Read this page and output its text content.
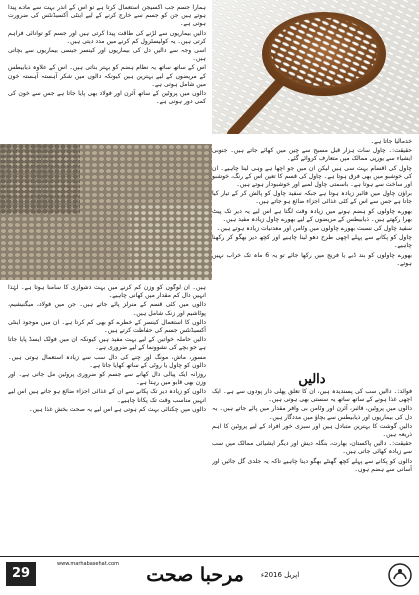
ہمارا جسم جب آکسیجن استعمال کرتا ہے تو اس کے اندر بہت سے مادے پیدا ہوتے ہیں جن کو جسم سے خارج کرنے کے لیے اینٹی آکسیڈنٹس کی ضرورت ہوتی ہے۔

دالیں بیماریوں سے لڑنے کی طاقت پیدا کرتی ہیں اور جسم کو توانائی فراہم کرتی ہیں۔ یہ کولیسٹرول کم کرنے میں مدد دیتی ہیں۔

اسی وجہ سے دالیں دل کی بیماریوں اور کینسر جیسی بیماریوں سے بچاتی ہیں۔

اس کے ساتھ ساتھ یہ نظام ہضم کو بہتر بناتی ہیں۔ اس کے علاوہ ذیابیطس کے مریضوں کے لیے بہترین ہیں کیونکہ دالوں میں شکر آہستہ آہستہ خون میں شامل ہوتی ہے۔

دالوں میں پروٹین کے ساتھ آئرن اور فولاد بھی پایا جاتا ہے جس سے خون کی کمی دور ہوتی ہے۔

ہیں۔ ان لوگوں کو وزن کم کرنے میں بہت دشواری کا سامنا ہوتا ہے۔ لہٰذا انہیں دال کم مقدار میں کھانی چاہیے۔

دالوں میں کئی قسم کے منرلز پائے جاتے ہیں۔ جن میں فولاد، میگنیشیم، پوٹاشیم اور زنک شامل ہیں۔

دالوں کا استعمال کینسر کے خطرے کو بھی کم کرتا ہے۔ ان میں موجود اینٹی آکسیڈنٹس جسم کی حفاظت کرتے ہیں۔

دالیں حاملہ خواتین کے لیے بہت مفید ہیں کیونکہ ان میں فولک ایسڈ پایا جاتا ہے جو بچے کی نشوونما کے لیے ضروری ہے۔

مسور، ماش، مونگ اور چنے کی دال سب سے زیادہ استعمال ہوتی ہیں۔ دالوں کو چاول یا روٹی کے ساتھ کھایا جاتا ہے۔

روزانہ ایک پیالی دال کھانے سے جسم کو ضروری پروٹین مل جاتی ہے۔ اور وزن بھی قابو میں رہتا ہے۔

دالوں کو زیادہ دیر تک پکانے سے ان کے غذائی اجزاء ضائع ہو جاتے ہیں اس لیے انہیں مناسب وقت تک پکانا چاہیے۔

دالوں میں چکنائی بہت کم ہوتی ہے اس لیے یہ صحت بخش غذا ہیں۔

خدمالیا جاتا ہے۔

حقیقت:۔ چاول سات ہزار قبل مسیح سے چین میں کھائے جاتے ہیں۔ جنوبی ایشیاء سے یورپی ممالک میں متعارف کروائے گئے۔

چاول کی اقسام بہت سی ہیں لیکن ان میں جو اچھا ہے وہی لینا چاہیے۔ ان کی خوشبو میں بھی فرق ہوتا ہے۔ چاول کی قسم کا تعین اس کے رنگ، خوشبو اور ساخت سے ہوتا ہے۔ باسمتی چاول لمبے اور خوشبودار ہوتے ہیں۔

براؤن چاول میں فائبر زیادہ ہوتا ہے جبکہ سفید چاول کو پالش کر کے تیار کیا جاتا ہے جس سے اس کے کئی غذائی اجزاء ضائع ہو جاتے ہیں۔

بھورے چاولوں کو ہضم ہونے میں زیادہ وقت لگتا ہے اس لیے یہ دیر تک پیٹ بھرا رکھتے ہیں۔ ذیابیطس کے مریضوں کے لیے بھورے چاول زیادہ مفید ہیں۔

سفید چاول کی نسبت بھورے چاولوں میں وٹامن اور معدنیات زیادہ ہوتے ہیں۔

چاول کو پکانے سے پہلے اچھی طرح دھو لینا چاہیے اور کچھ دیر بھگو کر رکھنا چاہیے۔

بھورے چاولوں کو بند ڈبے یا فریج میں رکھا جائے تو یہ 6 ماہ تک خراب نہیں ہوتے۔

دالیں

فوائد:۔ دالیں سب کی پسندیدہ ہیں، ان کا تعلق پھلی دار پودوں سے ہے۔ ایک اچھی غذا ہونے کے ساتھ ساتھ یہ سستی بھی ہوتی ہیں۔

دالوں میں پروٹین، فائبر، آئرن اور وٹامن بی وافر مقدار میں پائے جاتے ہیں۔ یہ دل کی بیماریوں اور ذیابیطس سے بچاؤ میں مددگار ہیں۔

دالیں گوشت کا بہترین متبادل ہیں اور سبزی خور افراد کے لیے پروٹین کا اہم ذریعہ ہیں۔

حقیقت:۔ دالیں پاکستان، بھارت، بنگلہ دیش اور دیگر ایشیائی ممالک میں سب سے زیادہ کھائی جاتی ہیں۔

دالوں کو پکانے سے پہلے کچھ گھنٹے بھگو دینا چاہیے تاکہ یہ جلدی گل جائیں اور آسانی سے ہضم ہوں۔

29
www.marhabasehat.com	مرحبا صحت	اپریل 2016ء
